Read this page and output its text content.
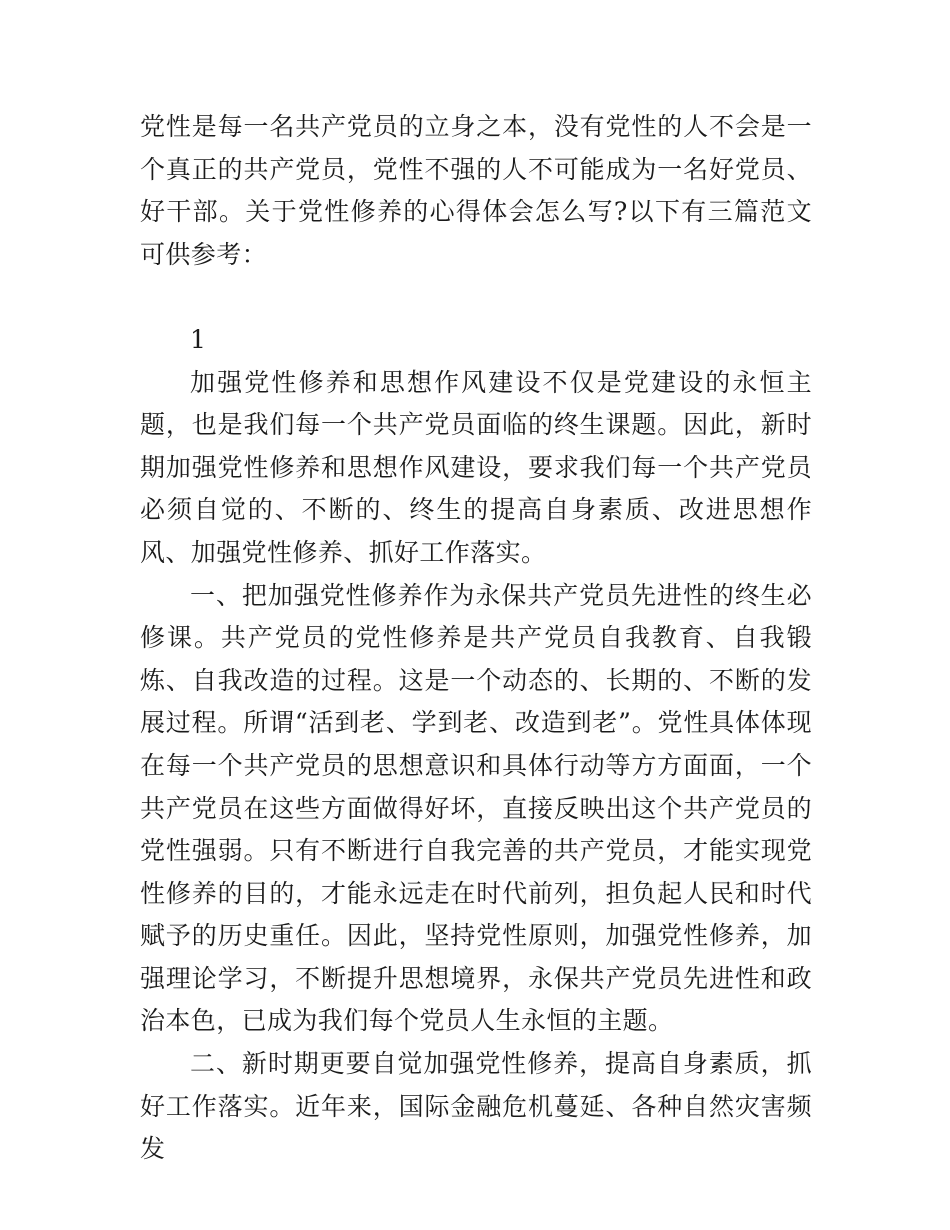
党性是每一名共产党员的立身之本，没有党性的人不会是一个真正的共产党员，党性不强的人不可能成为一名好党员、好干部。关于党性修养的心得体会怎么写?以下有三篇范文可供参考：

1

加强党性修养和思想作风建设不仅是党建设的永恒主题，也是我们每一个共产党员面临的终生课题。因此，新时期加强党性修养和思想作风建设，要求我们每一个共产党员必须自觉的、不断的、终生的提高自身素质、改进思想作风、加强党性修养、抓好工作落实。

一、把加强党性修养作为永保共产党员先进性的终生必修课。共产党员的党性修养是共产党员自我教育、自我锻炼、自我改造的过程。这是一个动态的、长期的、不断的发展过程。所谓“活到老、学到老、改造到老”。党性具体体现在每一个共产党员的思想意识和具体行动等方方面面，一个共产党员在这些方面做得好坏，直接反映出这个共产党员的党性强弱。只有不断进行自我完善的共产党员，才能实现党性修养的目的，才能永远走在时代前列，担负起人民和时代赋予的历史重任。因此，坚持党性原则，加强党性修养，加强理论学习，不断提升思想境界，永保共产党员先进性和政治本色，已成为我们每个党员人生永恒的主题。

二、新时期更要自觉加强党性修养，提高自身素质，抓好工作落实。近年来，国际金融危机蔓延、各种自然灾害频发
